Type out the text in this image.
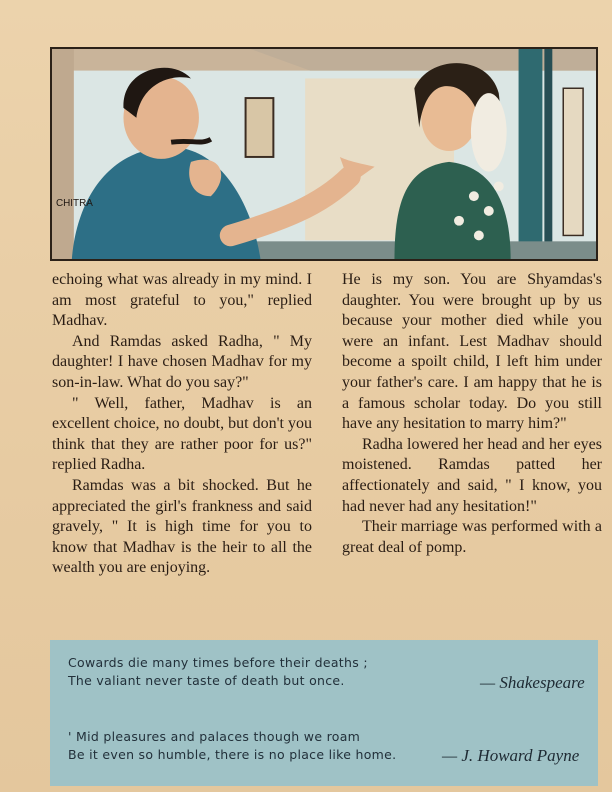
CHITRA

echoing what was already in my mind. I am most grateful to you," replied Madhav.

And Ramdas asked Radha, " My daughter! I have chosen Madhav for my son-in-law. What do you say?"

" Well, father, Madhav is an excellent choice, no doubt, but don't you think that they are rather poor for us?" replied Radha.

Ramdas was a bit shocked. But he appreciated the girl's frankness and said gravely, " It is high time for you to know that Madhav is the heir to all the wealth you are enjoying.

He is my son. You are Shyamdas's daughter. You were brought up by us because your mother died while you were an infant. Lest Madhav should become a spoilt child, I left him under your father's care. I am happy that he is a famous scholar today. Do you still have any hesitation to marry him?"

Radha lowered her head and her eyes moistened. Ramdas patted her affectionately and said, " I know, you had never had any hesitation!"

Their marriage was performed with a great deal of pomp.

Cowards die many times before their deaths ;
The valiant never taste of death but once.	— Shakespeare
' Mid pleasures and palaces though we roam
Be it even so humble, there is no place like home.	— J. Howard Payne
